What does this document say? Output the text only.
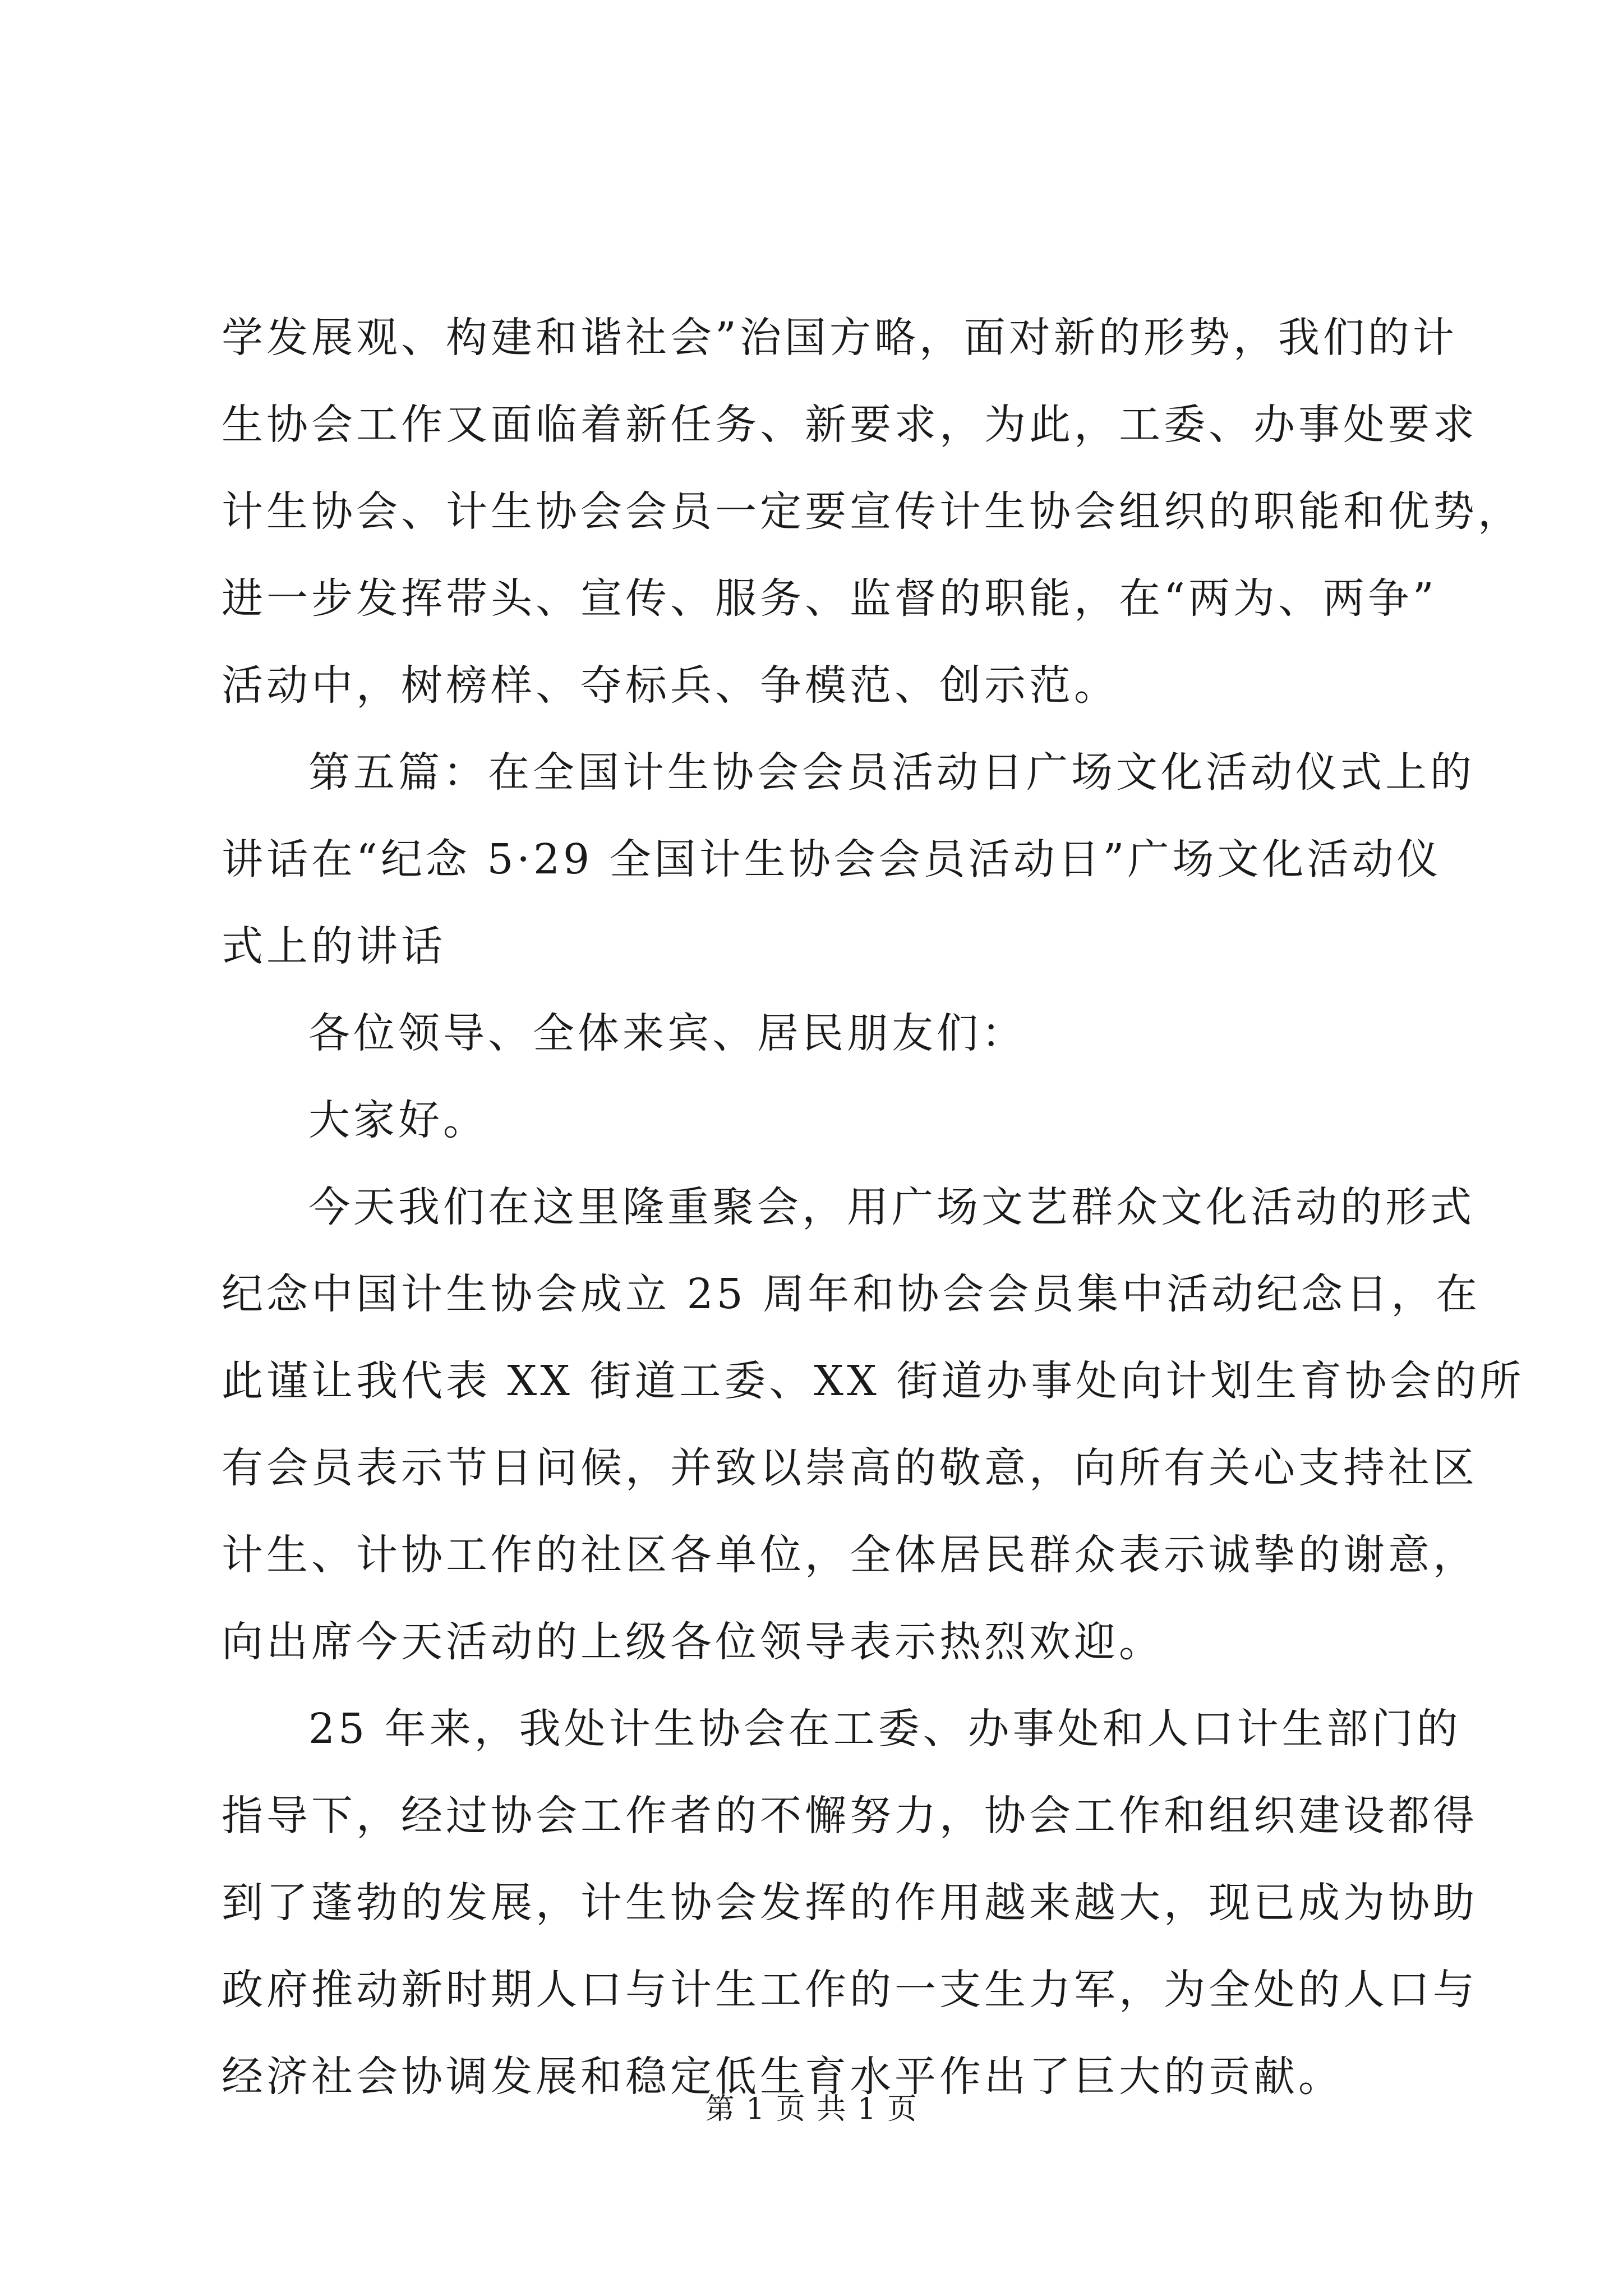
学发展观、构建和谐社会”治国方略，面对新的形势，我们的计
生协会工作又面临着新任务、新要求，为此，工委、办事处要求
计生协会、计生协会会员一定要宣传计生协会组织的职能和优势，
进一步发挥带头、宣传、服务、监督的职能，在“两为、两争”
活动中，树榜样、夺标兵、争模范、创示范。
第五篇：在全国计生协会会员活动日广场文化活动仪式上的
讲话在“纪念 5·29 全国计生协会会员活动日”广场文化活动仪
式上的讲话
各位领导、全体来宾、居民朋友们：
大家好。
今天我们在这里隆重聚会，用广场文艺群众文化活动的形式
纪念中国计生协会成立 25 周年和协会会员集中活动纪念日，在
此谨让我代表 XX 街道工委、XX 街道办事处向计划生育协会的所
有会员表示节日问候，并致以崇高的敬意，向所有关心支持社区
计生、计协工作的社区各单位，全体居民群众表示诚挚的谢意，
向出席今天活动的上级各位领导表示热烈欢迎。
25 年来，我处计生协会在工委、办事处和人口计生部门的
指导下，经过协会工作者的不懈努力，协会工作和组织建设都得
到了蓬勃的发展，计生协会发挥的作用越来越大，现已成为协助
政府推动新时期人口与计生工作的一支生力军，为全处的人口与
经济社会协调发展和稳定低生育水平作出了巨大的贡献。
第 1 页 共 1 页
